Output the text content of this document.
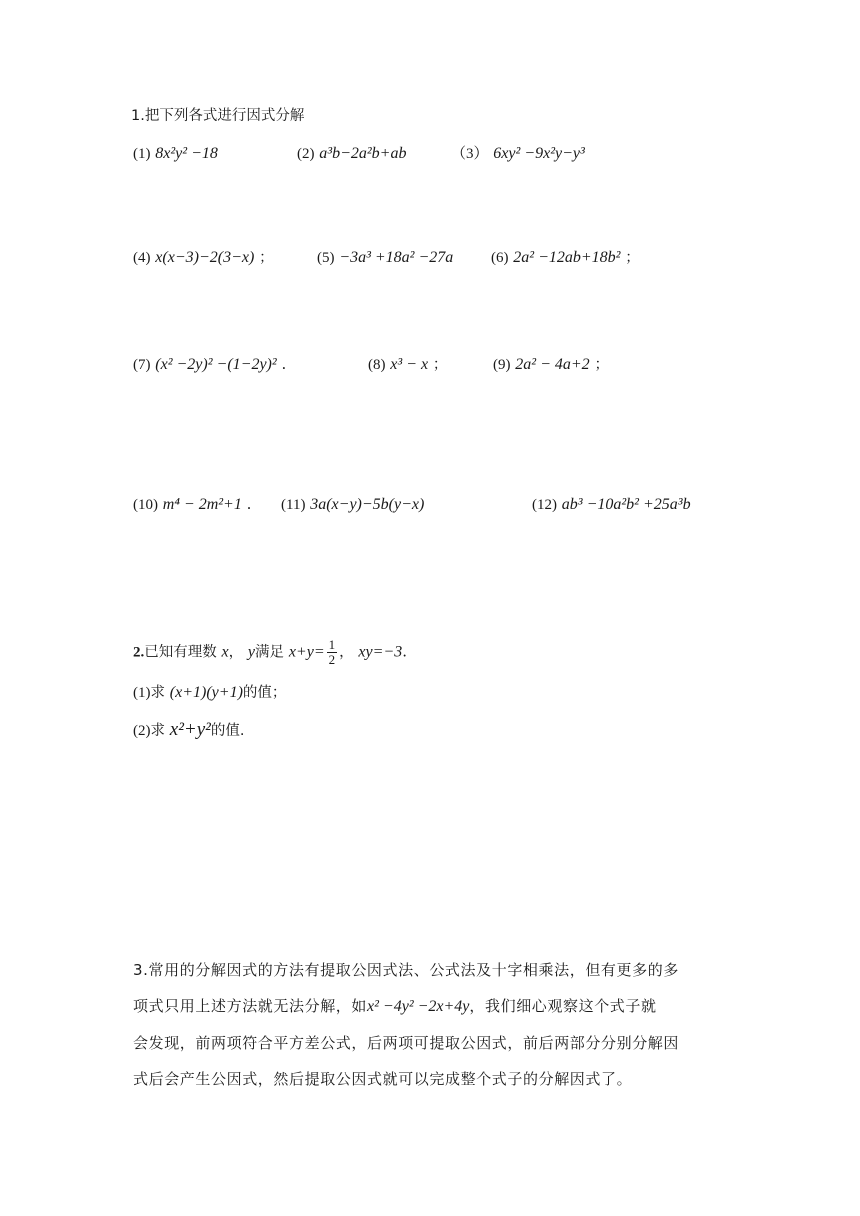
1.把下列各式进行因式分解
(1) 8x²y² −18	(2) a³b−2a²b+ab	（3） 6xy² −9x²y−y³
(4) x(x−3)−2(3−x) ；	(5) −3a³ +18a² −27a	(6) 2a² −12ab+18b² ；
(7) (x² −2y)² −(1−2y)² .	(8) x³ − x ；	(9) 2a² − 4a+2 ；
(10) m⁴ − 2m²+1 . (11) 3a(x−y)−5b(y−x)	(12) ab³ −10a²b² +25a³b
2.已知有理数 x， y满足 $x+y= \frac{1}{2}$ ， xy=−3.
(1)求 (x+1)(y+1)的值；
(2)求 x²+y²的值.
3.常用的分解因式的方法有提取公因式法、公式法及十字相乘法，但有更多的多
项式只用上述方法就无法分解，如x² −4y² −2x+4y，我们细心观察这个式子就
会发现，前两项符合平方差公式，后两项可提取公因式，前后两部分分别分解因
式后会产生公因式，然后提取公因式就可以完成整个式子的分解因式了。
